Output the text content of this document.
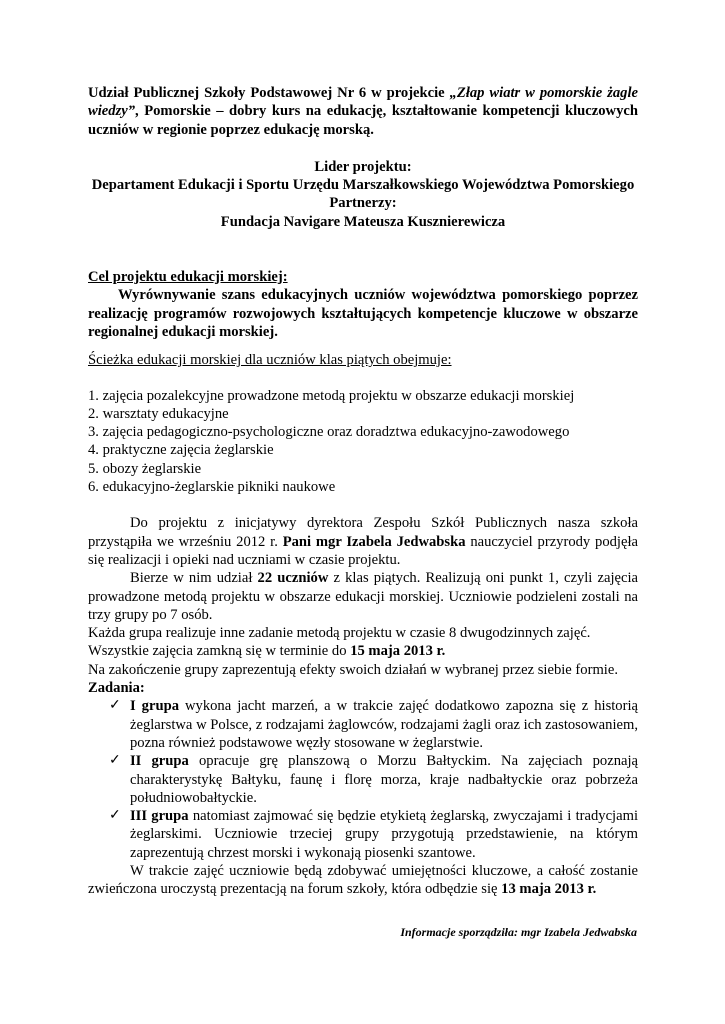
Udział Publicznej Szkoły Podstawowej Nr 6 w projekcie „Złap wiatr w pomorskie żagle wiedzy”, Pomorskie – dobry kurs na edukację, kształtowanie kompetencji kluczowych uczniów w regionie poprzez edukację morską.

Lider projektu:

Departament Edukacji i Sportu Urzędu Marszałkowskiego Województwa Pomorskiego

Partnerzy:

Fundacja Navigare Mateusza Kusznierewicza

Cel projektu edukacji morskiej:

Wyrównywanie szans edukacyjnych uczniów województwa pomorskiego poprzez realizację programów rozwojowych kształtujących kompetencje kluczowe w obszarze regionalnej edukacji morskiej.

Ścieżka edukacji morskiej dla uczniów klas piątych obejmuje:

1. zajęcia pozalekcyjne prowadzone metodą projektu w obszarze edukacji morskiej
2. warsztaty edukacyjne
3. zajęcia pedagogiczno-psychologiczne oraz doradztwa edukacyjno-zawodowego
4. praktyczne zajęcia żeglarskie
5. obozy żeglarskie
6. edukacyjno-żeglarskie pikniki naukowe

Do projektu z inicjatywy dyrektora Zespołu Szkół Publicznych nasza szkoła przystąpiła we wrześniu 2012 r. Pani mgr Izabela Jedwabska nauczyciel przyrody podjęła się realizacji i opieki nad uczniami w czasie projektu.

Bierze w nim udział 22 uczniów z klas piątych. Realizują oni punkt 1, czyli zajęcia prowadzone metodą projektu w obszarze edukacji morskiej. Uczniowie podzieleni zostali na trzy grupy po 7 osób.

Każda grupa realizuje inne zadanie metodą projektu w czasie 8 dwugodzinnych zajęć.

Wszystkie zajęcia zamkną się w terminie do 15 maja 2013 r.

Na zakończenie grupy zaprezentują efekty swoich działań w wybranej przez siebie formie.

Zadania:

✓ I grupa wykona jacht marzeń, a w trakcie zajęć dodatkowo zapozna się z historią żeglarstwa w Polsce, z rodzajami żaglowców, rodzajami żagli oraz ich zastosowaniem, pozna również podstawowe węzły stosowane w żeglarstwie.
✓ II grupa opracuje grę planszową o Morzu Bałtyckim. Na zajęciach poznają charakterystykę Bałtyku, faunę i florę morza, kraje nadbałtyckie oraz pobrzeża południowobałtyckie.
✓ III grupa natomiast zajmować się będzie etykietą żeglarską, zwyczajami i tradycjami żeglarskimi. Uczniowie trzeciej grupy przygotują przedstawienie, na którym zaprezentują chrzest morski i wykonają piosenki szantowe.

W trakcie zajęć uczniowie będą zdobywać umiejętności kluczowe, a całość zostanie zwieńczona uroczystą prezentacją na forum szkoły, która odbędzie się 13 maja 2013 r.

Informacje sporządziła: mgr Izabela Jedwabska
